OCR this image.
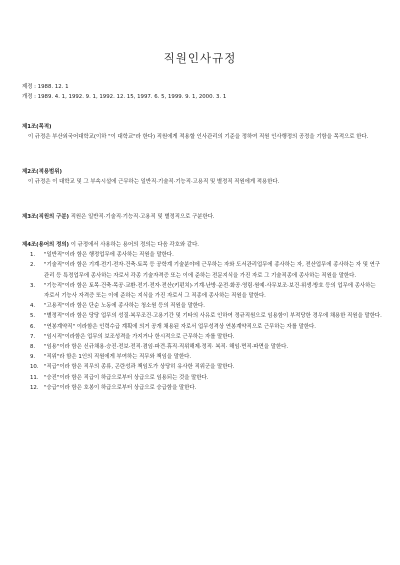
직원인사규정
제정 : 1988. 12. 1
개정 : 1989. 4. 1, 1992. 9. 1, 1992. 12. 15, 1997. 6. 5, 1999. 9. 1, 2000. 3. 1
제1조(목적)
이 규정은 부산외국어대학교(이하 "이 대학교"라 한다) 직원에게 적용할 인사관리의 기준을 정하여 직원 인사행정의 공정을 기함을 목적으로 한다.
제2조(적용범위)
이 규정은 이 대학교 및 그 부속시설에 근무하는 일반직·기술직·기능직·고용직 및 별정직 직원에게 적용한다.
제3조(직원의 구분) 직원은 일반직·기술직·기능직·고용직 및 별정직으로 구분한다.
제4조(용어의 정의) 이 규정에서 사용하는 용어의 정의는 다음 각호와 같다.
1. "일반직"이라 함은 행정업무에 종사하는 직원을 말한다.
2. "기술직"이라 함은 기계·전기·전자·건축·토목 등 공학계 기술분야에 근무하는 자와 도서관리업무에 종사하는 자, 전산업무에 종사하는 자 및 연구관리 등 특정업무에 종사하는 자로서 각종 기술자격증 또는 이에 준하는 전문지식을 가진 자로 그 기술직종에 종사하는 직원을 말한다.
3. "기능직"이라 함은 토목·건축·목공·교환·전기·전자·전산(키펀치)·기계·난방·운전·화공·영림·원예·사무보조·보건·위생·방호 등의 업무에 종사하는 자로서 기능사 자격증 또는 이에 준하는 지식을 가진 자로서 그 직종에 종사하는 직원을 말한다.
4. "고용직"이라 함은 단순 노동에 종사하는 청소원 등의 직원을 말한다.
5. "별정직"이라 함은 당당 업무의 성질·복무조건·고용기간 및 기타의 사유로 인하여 정규직원으로 임용함이 부적당한 경우에 채용한 직원을 말한다.
6. "연봉계약직" 이라함은 인력수급 계획에 의거 공개 채용된 자로서 업무성격상 연봉계약직으로 근무하는 자를 말한다.
7. "임시직"이라함은 업무의 보조성격을 가지거나 한시적으로 근무하는 자를 말한다.
8. "임용"이라 함은 신규채용·승진·전보·전직·겸임·파견·휴직·직위해제·정직· 복직· 해임·면직·파면을 말한다.
9. "직위"라 함은 1인의 직원에게 부여하는 직무와 책임을 말한다.
10. "직급"이라 함은 직무의 종류, 곤란성과 책임도가 상당히 유사한 직위군을 말한다.
11. "승진"이라 함은 직급이 하급으로부터 상급으로 임용되는 것을 말한다.
12. "승급"이라 함은 호봉이 하급으로부터 상급으로 승급함을 말한다.
